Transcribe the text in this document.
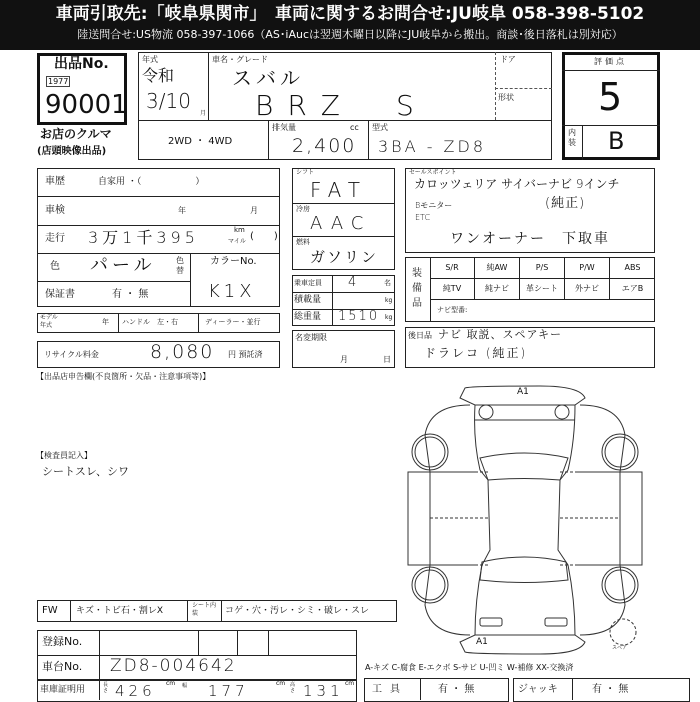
車両引取先:「岐阜県関市」　車両に関するお問合せ:JU岐阜 058-398-5102
陸送問合せ:US物流 058-397-1066（AS･iAucは翌週木曜日以降にJU岐阜から搬出。商談･後日落札は別対応）
出品No.
1977
90001
お店のクルマ
(店頭映像出品)
年式
令和
3/10
月
車名・グレード
スバル
BRZ　S
ドア
形状
2WD ・ 4WD
排気量	cc
2,400
型式
3BA - ZD8
評価点
5
内装 B
車歴	自家用 ・（　　　　　　）
車検	年	月
走行 3万1千395	km
マイル (　　)
色 パール	色替
カラーNo.
K1X
保証書	有 ・ 無
モデル年式	年 ハンドル　左・右	ディーラー・並行
リサイクル料金	8,080 円 預託済
シフト
FAT
冷房
AAC
燃料
ガソリン
乗車定員 4	名
積載量	kg
総重量 1510 kg
名変期限
月	日
セールスポイント
カロッツェリア サイバーナビ 9インチ
(純正)
Bモニター
ETC
ワンオーナー　下取車
装備品
S/R	純AW	P/S	P/W	ABS
純TV	純ナビ	革シート	外ナビ	エアB
ナビ型番:
後日品 ナビ 取説、スペアキー
ドラレコ (純正)
【出品店申告欄(不良箇所・欠品・注意事項等)】
【検査員記入】
シートスレ、シワ
A1
A1
スペア
FW キズ・トビ石・割レX
シート内装	コゲ・穴・汚レ・シミ・破レ・スレ
登録No.
車台No. ZD8-004642
車庫証明用	長さ 426 cm 幅 177	cm 高さ 131 cm
A-キズ C-腐食 E-エクボ S-サビ U-凹ミ W-補修 XX-交換済
工具	有 ・ 無	ジャッキ	有 ・ 無
